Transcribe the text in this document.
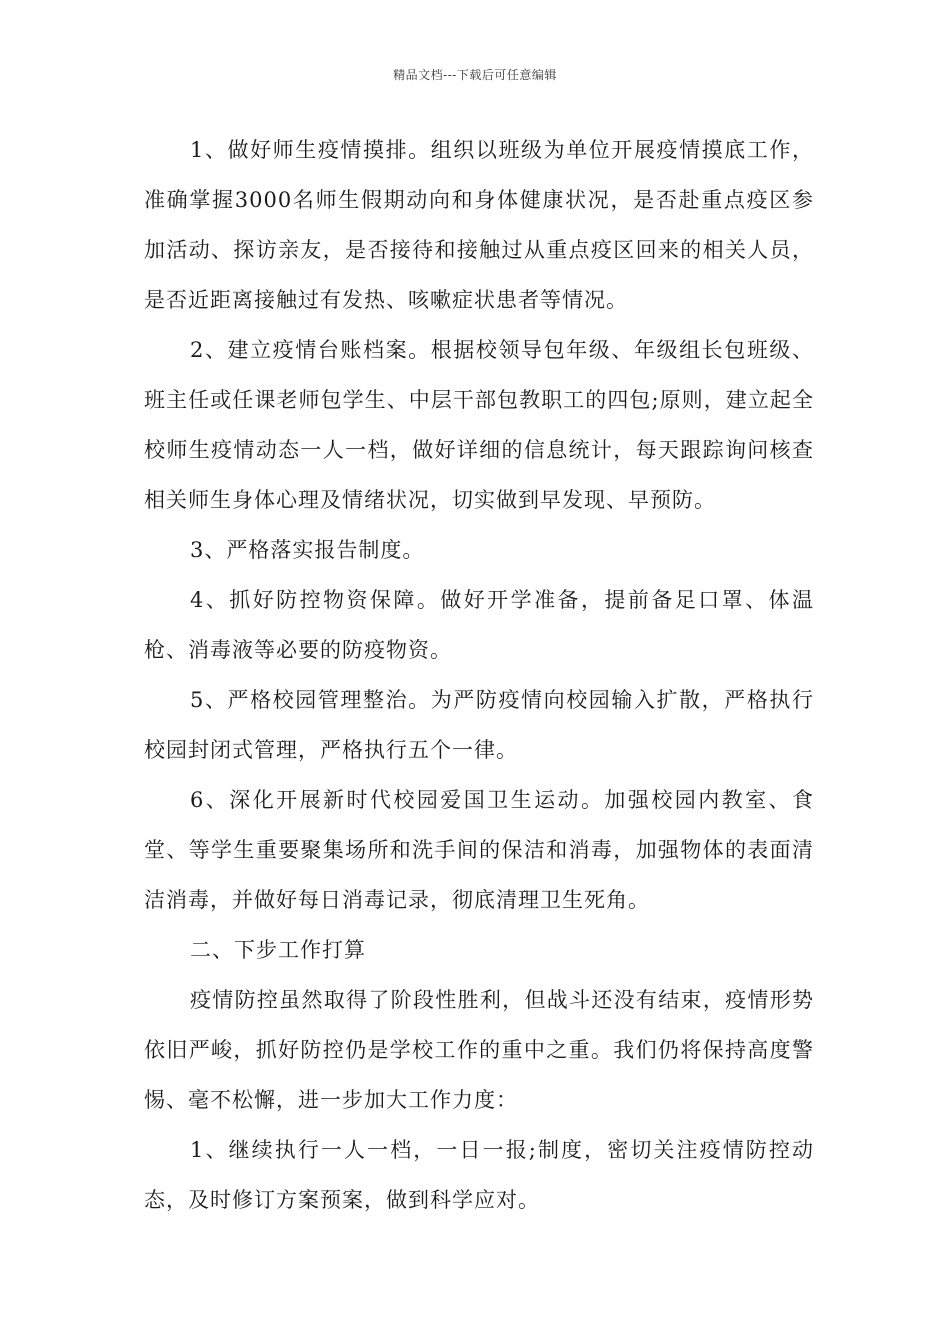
精品文档---下载后可任意编辑

1、做好师生疫情摸排。组织以班级为单位开展疫情摸底工作，准确掌握3000名师生假期动向和身体健康状况，是否赴重点疫区参加活动、探访亲友，是否接待和接触过从重点疫区回来的相关人员，是否近距离接触过有发热、咳嗽症状患者等情况。

2、建立疫情台账档案。根据校领导包年级、年级组长包班级、班主任或任课老师包学生、中层干部包教职工的四包;原则，建立起全校师生疫情动态一人一档，做好详细的信息统计，每天跟踪询问核查相关师生身体心理及情绪状况，切实做到早发现、早预防。

3、严格落实报告制度。

4、抓好防控物资保障。做好开学准备，提前备足口罩、体温枪、消毒液等必要的防疫物资。

5、严格校园管理整治。为严防疫情向校园输入扩散，严格执行校园封闭式管理，严格执行五个一律。

6、深化开展新时代校园爱国卫生运动。加强校园内教室、食堂、等学生重要聚集场所和洗手间的保洁和消毒，加强物体的表面清洁消毒，并做好每日消毒记录，彻底清理卫生死角。

二、下步工作打算

疫情防控虽然取得了阶段性胜利，但战斗还没有结束，疫情形势依旧严峻，抓好防控仍是学校工作的重中之重。我们仍将保持高度警惕、毫不松懈，进一步加大工作力度：

1、继续执行一人一档，一日一报;制度，密切关注疫情防控动态，及时修订方案预案，做到科学应对。
